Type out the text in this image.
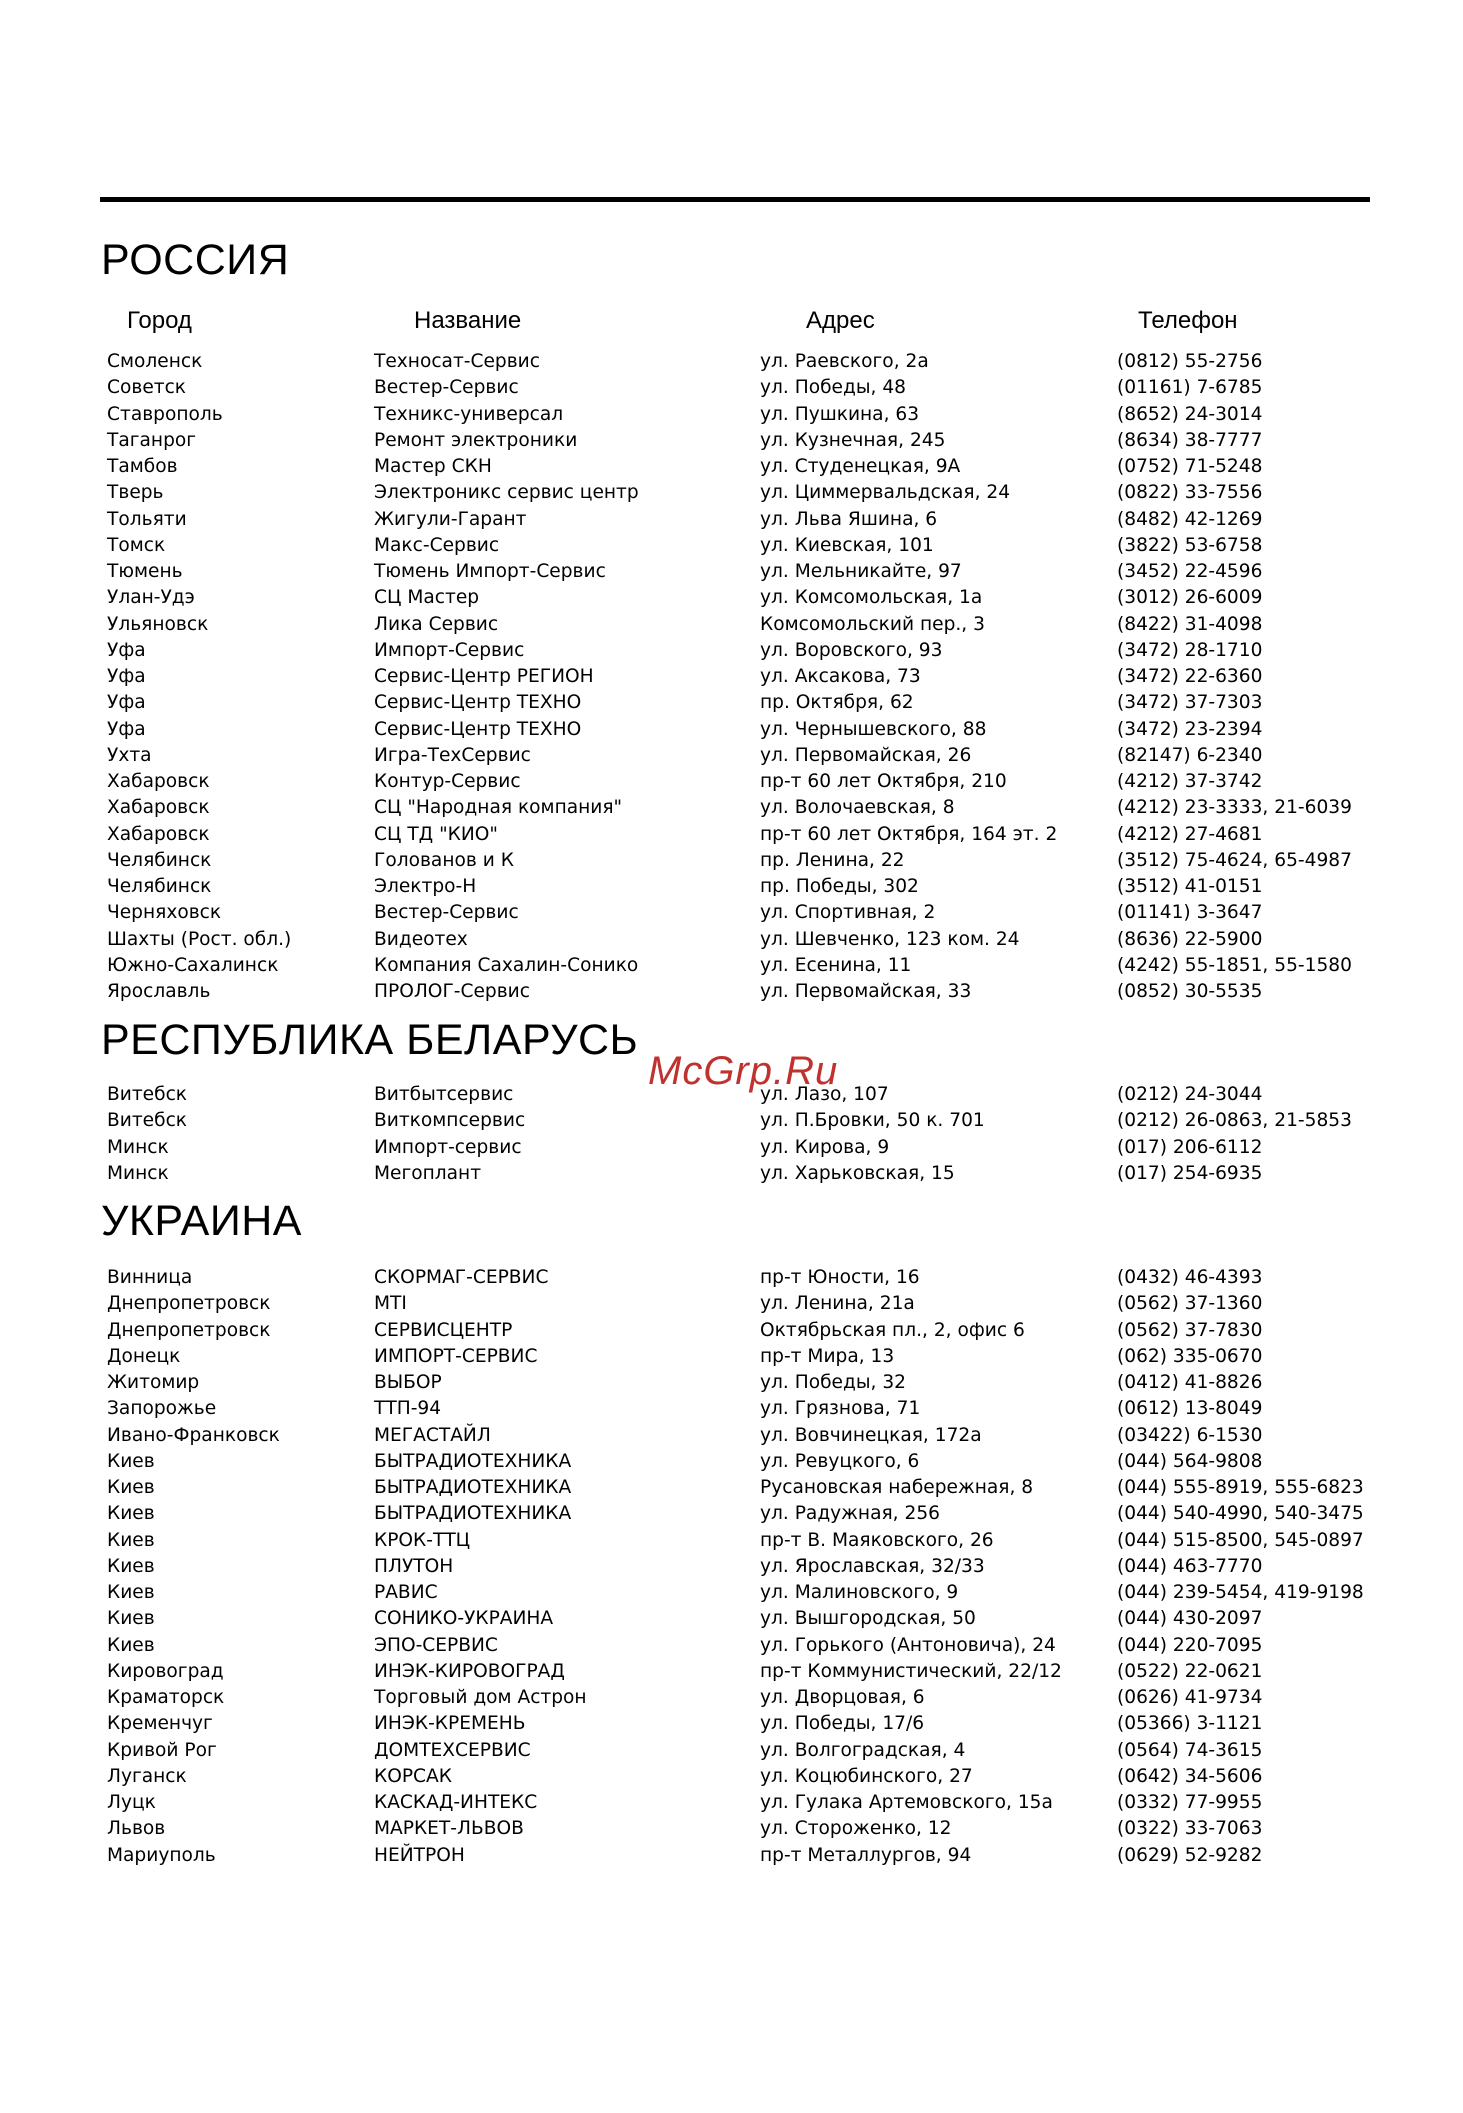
РОССИЯ
Город	Название	Адрес	Телефон
Смоленск	Техносат-Сервис	ул. Раевского, 2а	(0812) 55-2756
Советск	Вестер-Сервис	ул. Победы, 48	(01161) 7-6785
Ставрополь	Техникс-универсал	ул. Пушкина, 63	(8652) 24-3014
Таганрог	Ремонт электроники	ул. Кузнечная, 245	(8634) 38-7777
Тамбов	Мастер СКН	ул. Студенецкая, 9А	(0752) 71-5248
Тверь	Электроникс сервис центр	ул. Циммервальдская, 24	(0822) 33-7556
Тольяти	Жигули-Гарант	ул. Льва Яшина, 6	(8482) 42-1269
Томск	Макс-Сервис	ул. Киевская, 101	(3822) 53-6758
Тюмень	Тюмень Импорт-Сервис	ул. Мельникайте, 97	(3452) 22-4596
Улан-Удэ	СЦ Мастер	ул. Комсомольская, 1а	(3012) 26-6009
Ульяновск	Лика Сервис	Комсомольский пер., 3	(8422) 31-4098
Уфа	Импорт-Сервис	ул. Воровского, 93	(3472) 28-1710
Уфа	Сервис-Центр РЕГИОН	ул. Аксакова, 73	(3472) 22-6360
Уфа	Сервис-Центр ТЕХНО	пр. Октября, 62	(3472) 37-7303
Уфа	Сервис-Центр ТЕХНО	ул. Чернышевского, 88	(3472) 23-2394
Ухта	Игра-ТехСервис	ул. Первомайская, 26	(82147) 6-2340
Хабаровск	Контур-Сервис	пр-т 60 лет Октября, 210	(4212) 37-3742
Хабаровск	СЦ "Народная компания"	ул. Волочаевская, 8	(4212) 23-3333, 21-6039
Хабаровск	СЦ ТД "КИО"	пр-т 60 лет Октября, 164 эт. 2	(4212) 27-4681
Челябинск	Голованов и К	пр. Ленина, 22	(3512) 75-4624, 65-4987
Челябинск	Электро-Н	пр. Победы, 302	(3512) 41-0151
Черняховск	Вестер-Сервис	ул. Спортивная, 2	(01141) 3-3647
Шахты (Рост. обл.)	Видеотех	ул. Шевченко, 123 ком. 24	(8636) 22-5900
Южно-Сахалинск	Компания Сахалин-Сонико	ул. Есенина, 11	(4242) 55-1851, 55-1580
Ярославль	ПРОЛОГ-Сервис	ул. Первомайская, 33	(0852) 30-5535
РЕСПУБЛИКА БЕЛАРУСЬ
Витебск	Витбытсервис	ул. Лазо, 107	(0212) 24-3044
Витебск	Виткомпсервис	ул. П.Бровки, 50 к. 701	(0212) 26-0863, 21-5853
Минск	Импорт-сервис	ул. Кирова, 9	(017) 206-6112
Минск	Мегоплант	ул. Харьковская, 15	(017) 254-6935
УКРАИНА
Винница	СКОРМАГ-СЕРВИС	пр-т Юности, 16	(0432) 46-4393
Днепропетровск	MTI	ул. Ленина, 21а	(0562) 37-1360
Днепропетровск	СЕРВИСЦЕНТР	Октябрьская пл., 2, офис 6	(0562) 37-7830
Донецк	ИМПОРТ-СЕРВИС	пр-т Мира, 13	(062) 335-0670
Житомир	ВЫБОР	ул. Победы, 32	(0412) 41-8826
Запорожье	ТТП-94	ул. Грязнова, 71	(0612) 13-8049
Ивано-Франковск	МЕГАСТАЙЛ	ул. Вовчинецкая, 172а	(03422) 6-1530
Киев	БЫТРАДИОТЕХНИКА	ул. Ревуцкого, 6	(044) 564-9808
Киев	БЫТРАДИОТЕХНИКА	Русановская набережная, 8	(044) 555-8919, 555-6823
Киев	БЫТРАДИОТЕХНИКА	ул. Радужная, 256	(044) 540-4990, 540-3475
Киев	КРОК-ТТЦ	пр-т В. Маяковского, 26	(044) 515-8500, 545-0897
Киев	ПЛУТОН	ул. Ярославская, 32/33	(044) 463-7770
Киев	РАВИС	ул. Малиновского, 9	(044) 239-5454, 419-9198
Киев	СОНИКО-УКРАИНА	ул. Вышгородская, 50	(044) 430-2097
Киев	ЭПО-СЕРВИС	ул. Горького (Антоновича), 24	(044) 220-7095
Кировоград	ИНЭК-КИРОВОГРАД	пр-т Коммунистический, 22/12	(0522) 22-0621
Краматорск	Торговый дом Астрон	ул. Дворцовая, 6	(0626) 41-9734
Кременчуг	ИНЭК-КРЕМЕНЬ	ул. Победы, 17/6	(05366) 3-1121
Кривой Рог	ДОМТЕХСЕРВИС	ул. Волгоградская, 4	(0564) 74-3615
Луганск	КОРСАК	ул. Коцюбинского, 27	(0642) 34-5606
Луцк	КАСКАД-ИНТЕКС	ул. Гулака Артемовского, 15а	(0332) 77-9955
Львов	МАРКЕТ-ЛЬВОВ	ул. Стороженко, 12	(0322) 33-7063
Мариуполь	НЕЙТРОН	пр-т Металлургов, 94	(0629) 52-9282
McGrp.Ru
